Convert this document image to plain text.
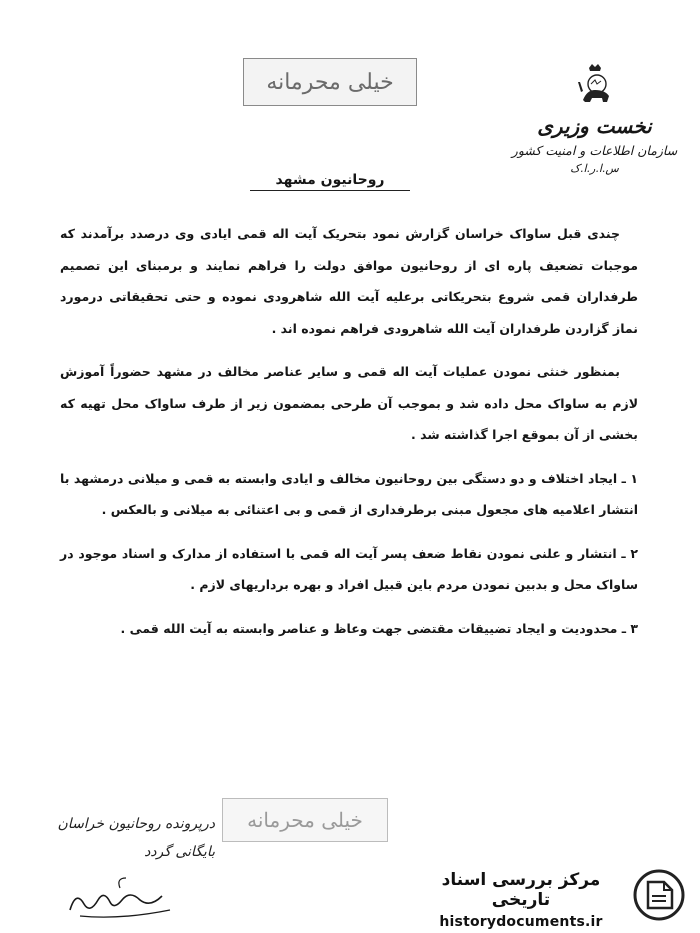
خیلی محرمانه
نخست وزیری
سازمان اطلاعات و امنیت کشور
س.ا.ر.ا.ک
روحانیون مشهد

چندی قبل ساواک خراسان گزارش نمود بتحریک آیت اله قمی ایادی وی درصدد برآمدند که موجبات تضعیف پاره ای از روحانیون موافق دولت را فراهم نمایند و برمبنای این تصمیم طرفداران قمی شروع بتحریکاتی برعلیه آیت الله شاهرودی نموده و حتی تحقیقاتی درمورد نماز گزاردن طرفداران آیت الله شاهرودی فراهم نموده اند .

بمنظور خنثی نمودن عملیات آیت اله قمی و سایر عناصر مخالف در مشهد حضوراً آموزش لازم به ساواک محل داده شد و بموجب آن طرحی بمضمون زیر از طرف ساواک محل تهیه که بخشی از آن بموقع اجرا گذاشته شد .

۱ ـ ایجاد اختلاف و دو دستگی بین روحانیون مخالف و ایادی وابسته به قمی و میلانی درمشهد با انتشار اعلامیه های مجعول مبنی برطرفداری از قمی و بی اعتنائی به میلانی و بالعکس .

۲ ـ انتشار و علنی نمودن نقاط ضعف پسر آیت اله قمی با استفاده از مدارک و اسناد موجود در ساواک محل و بدبین نمودن مردم باین قبیل افراد و بهره برداریهای لازم .

۳ ـ محدودیت و ایجاد تضییقات مقتضی جهت وعاظ و عناصر وابسته به آیت الله قمی .

خیلی محرمانه
درپرونده روحانیون خراسان
بایگانی گردد
مرکز بررسی اسناد تاریخی
historydocuments.ir
